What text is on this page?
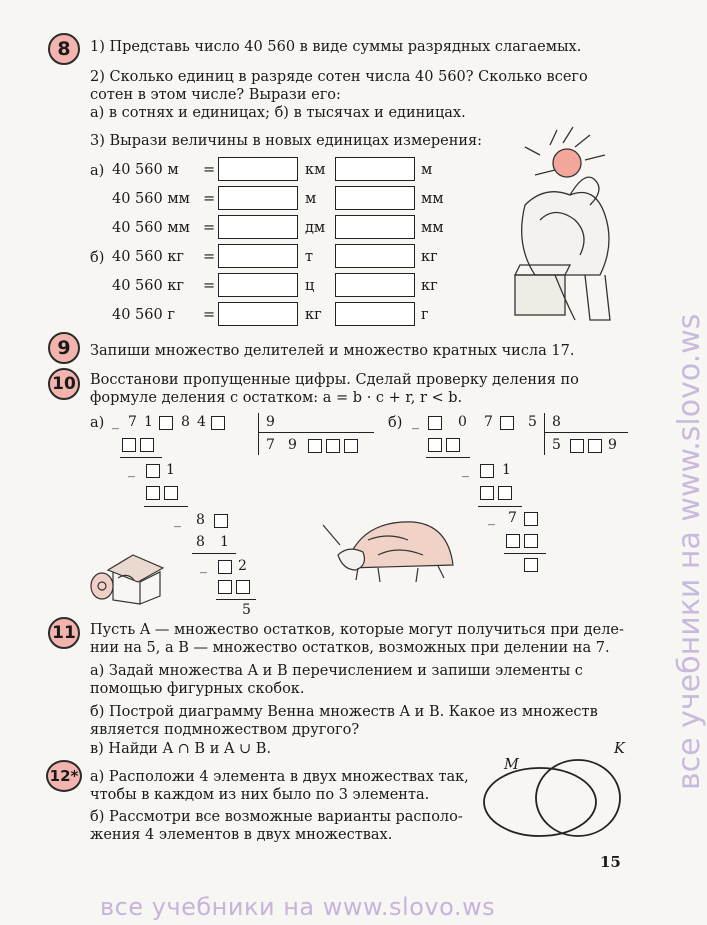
8 1) Представь число 40 560 в виде суммы разрядных слагаемых.
2) Сколько единиц в разряде сотен числа 40 560? Сколько всего
сотен в этом числе? Вырази его:
а) в сотнях и единицах; б) в тысячах и единицах.
3) Вырази величины в новых единицах измерения:
а)
б)
40 560 м =	км	м
40 560 мм =	м	мм
40 560 мм =	дм	мм
40 560 кг =	т	кг
40 560 кг =	ц	кг
40 560 г =	кг	г
9 Запиши множество делителей и множество кратных числа 17.
10 Восстанови пропущенные цифры. Сделай проверку деления по
формуле деления с остатком: a = b · c + r, r < b.
а) _ 7 1 8 4	9
7 9
_ 1
_ 8
8 1
_ 2
5
б) _	0 7	5 8
5	9
_ 1
_ 7
11 Пусть A — множество остатков, которые могут получиться при деле-
нии на 5, а B — множество остатков, возможных при делении на 7.
а) Задай множества A и B перечислением и запиши элементы с
помощью фигурных скобок.
б) Построй диаграмму Венна множеств A и B. Какое из множеств
является подмножеством другого?
в) Найди A ∩ B и A ∪ B.
12* а) Расположи 4 элемента в двух множествах так,
чтобы в каждом из них было по 3 элемента.
б) Рассмотри все возможные варианты располо-
жения 4 элементов в двух множествах.
M
K
15
все учебники на www.slovo.ws
все учебники на www.slovo.ws
